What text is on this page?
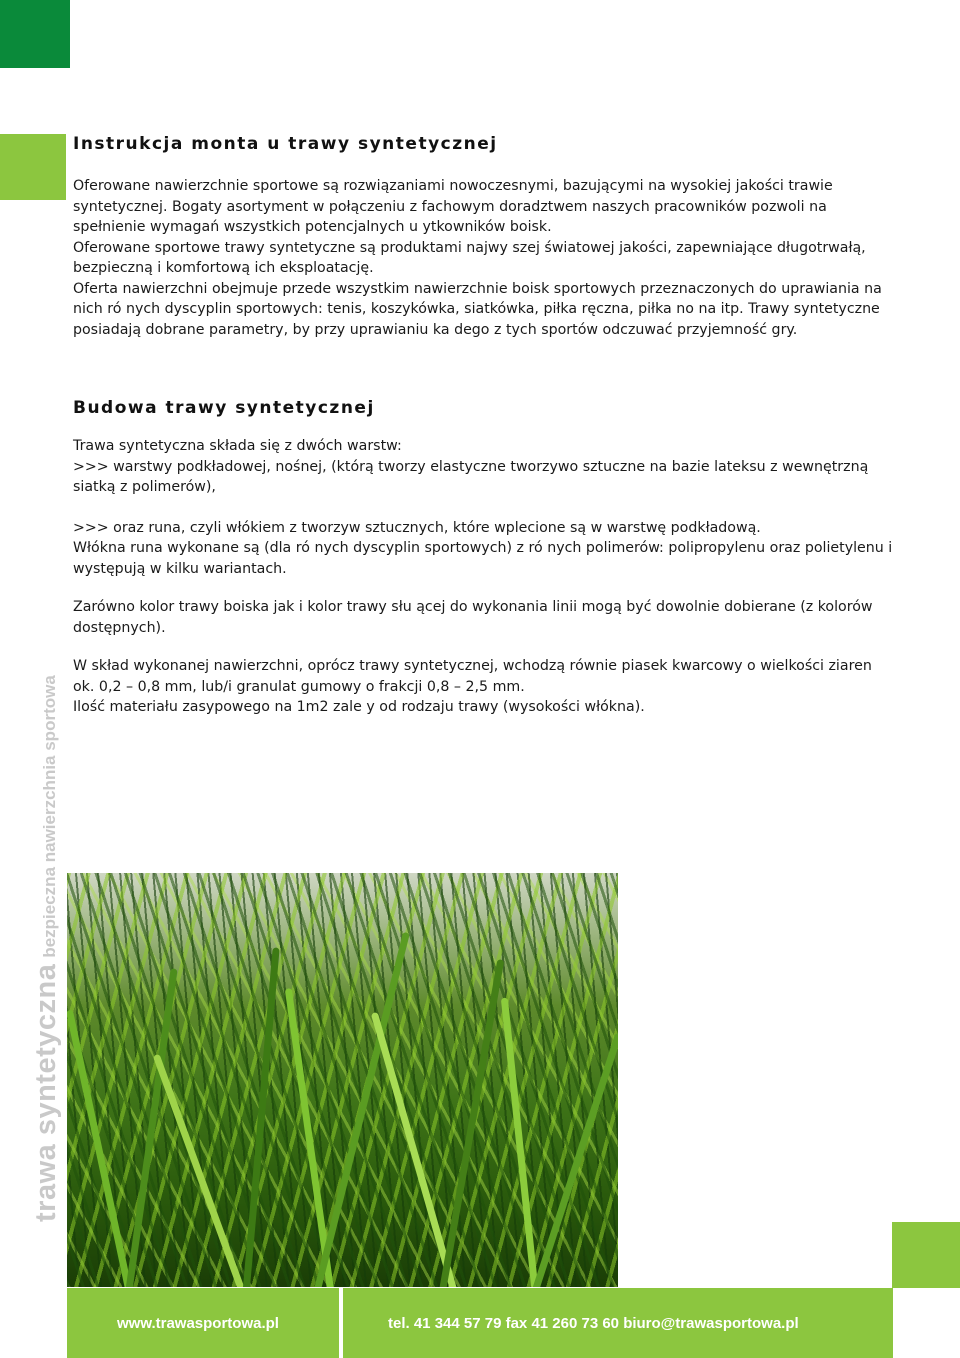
Instrukcja monta u trawy syntetycznej

Oferowane nawierzchnie sportowe są rozwiązaniami nowoczesnymi, bazującymi na wysokiej jakości trawie syntetycznej. Bogaty asortyment w połączeniu z fachowym doradztwem naszych pracowników pozwoli na spełnienie wymagań wszystkich potencjalnych u ytkowników boisk.

Oferowane sportowe trawy syntetyczne są produktami najwy szej światowej jakości, zapewniające długotrwałą, bezpieczną i komfortową ich eksploatację.

Oferta nawierzchni obejmuje przede wszystkim nawierzchnie boisk sportowych przeznaczonych do uprawiania na nich ró nych dyscyplin sportowych: tenis, koszykówka, siatkówka, piłka ręczna, piłka no na itp. Trawy syntetyczne posiadają dobrane parametry, by przy uprawianiu ka dego z tych sportów odczuwać przyjemność gry.

Budowa trawy syntetycznej

Trawa syntetyczna składa się z dwóch warstw:

>>> warstwy podkładowej, nośnej, (którą tworzy elastyczne tworzywo sztuczne na bazie lateksu z wewnętrzną siatką z polimerów),

>>> oraz runa, czyli włókiem z tworzyw sztucznych, które wplecione są w warstwę podkładową.

Włókna runa wykonane są (dla ró nych dyscyplin sportowych) z ró nych polimerów: polipropylenu oraz polietylenu i występują w kilku wariantach.

Zarówno kolor trawy boiska jak i kolor trawy słu ącej do wykonania linii mogą być dowolnie dobierane (z kolorów dostępnych).

W skład wykonanej nawierzchni, oprócz trawy syntetycznej, wchodzą równie piasek kwarcowy o wielkości ziaren ok. 0,2 – 0,8 mm, lub/i granulat gumowy o frakcji 0,8 – 2,5 mm.

Ilość materiału zasypowego na 1m2 zale y od rodzaju trawy (wysokości włókna).

trawa syntetycznabezpieczna nawierzchnia sportowa
www.trawasportowa.pl	tel. 41 344 57 79 fax 41 260 73 60 biuro@trawasportowa.pl
